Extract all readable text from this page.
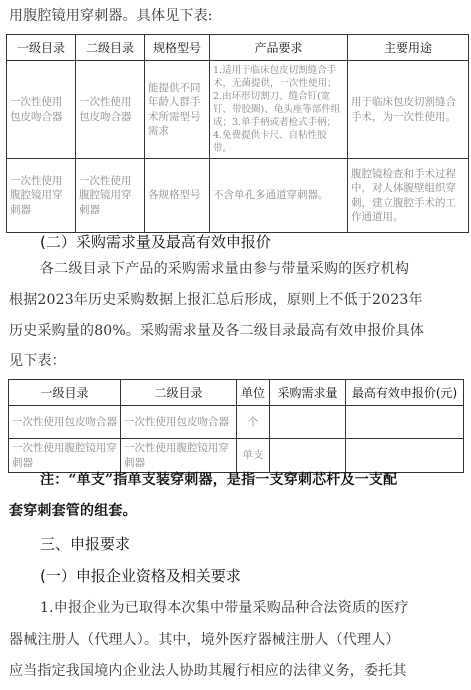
用腹腔镜用穿刺器。具体见下表:
一级目录	二级目录	规格型号	产品要求	主要用途
一次性使用包皮吻合器	一次性使用包皮吻合器	能提供不同年龄人群手术所需型号需求	1.适用于临床包皮切割缝合手术，无菌提供，一次性使用；2.由环形切割刀、缝合钉(宽钉、带胶圈)、龟头座等部件组成；3.单手柄或者枪式手柄；4.免费提供卡尺、自粘性胶带。	用于临床包皮切割缝合手术，为一次性使用。
一次性使用腹腔镜用穿刺器	一次性使用腹腔镜用穿刺器	各规格型号	不含单孔多通道穿刺器。	腹腔镜检查和手术过程中，对人体腹壁组织穿刺，建立腹腔手术的工作通道用。
(二）采购需求量及最高有效申报价
各二级目录下产品的采购需求量由参与带量采购的医疗机构
根据2023年历史采购数据上报汇总后形成，原则上不低于2023年
历史采购量的80%。采购需求量及各二级目录最高有效申报价具体
见下表：
一级目录	二级目录	单位	采购需求量	最高有效申报价(元)
一次性使用包皮吻合器	一次性使用包皮吻合器	个		
一次性使用腹腔镜用穿刺器	一次性使用腹腔镜用穿刺器	单支		
注：“单支”指单支装穿刺器，是指一支穿刺芯杆及一支配
套穿刺套管的组套。
三、申报要求
(一）申报企业资格及相关要求
1.申报企业为已取得本次集中带量采购品种合法资质的医疗
器械注册人（代理人）。其中，境外医疗器械注册人（代理人）
应当指定我国境内企业法人协助其履行相应的法律义务，委托其
